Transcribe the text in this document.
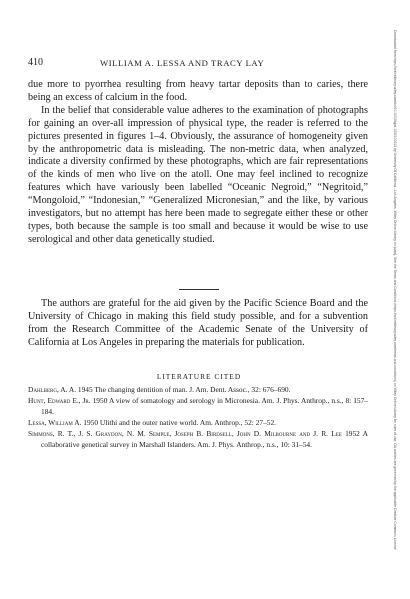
410	WILLIAM A. LESSA AND TRACY LAY

due more to pyorrhea resulting from heavy tartar deposits than to caries, there being an excess of calcium in the food.

In the belief that considerable value adheres to the examination of photographs for gaining an over-all impression of physical type, the reader is referred to the pictures presented in figures 1–4. Obviously, the assurance of homogeneity given by the anthropometric data is misleading. The non-metric data, when analyzed, indicate a diversity confirmed by these photographs, which are fair representations of the kinds of men who live on the atoll. One may feel inclined to recognize features which have variously been labelled “Oceanic Negroid,” “Negritoid,” “Mongoloid,” “Indonesian,” “Generalized Micronesian,” and the like, by various investigators, but no attempt has here been made to segregate either these or other types, both because the sample is too small and because it would be wise to use serological and other data genetically studied.

The authors are grateful for the aid given by the Pacific Science Board and the University of Chicago in making this field study possible, and for a subvention from the Research Committee of the Academic Senate of the University of California at Los Angeles in preparing the materials for publication.

LITERATURE CITED

Dahlberg, A. A. 1945 The changing dentition of man. J. Am. Dent. Assoc., 32: 676–690.

Hunt, Edward E., Jr. 1950 A view of somatology and serology in Micronesia. Am. J. Phys. Anthrop., n.s., 8: 157–184.

Lessa, William A. 1950 Ulithi and the outer native world. Am. Anthrop., 52: 27–52.

Simmons, R. T., J. S. Graydon, N. M. Semple, Joseph B. Birdsell, John D. Milbourne and J. R. Lee 1952 A collaborative genetical survey in Marshall Islanders. Am. J. Phys. Anthrop., n.s., 10: 31–54.	Downloaded from https://onlinelibrary.wiley.com/doi/10.1002/ajpa.1330100313 by University Of California - Los Angeles, Wiley Online Library on [date]. See the Terms and Conditions (https://onlinelibrary.wiley.com/terms-and-conditions) on Wiley Online Library for rules of use; OA articles are governed by the applicable Creative Commons License
